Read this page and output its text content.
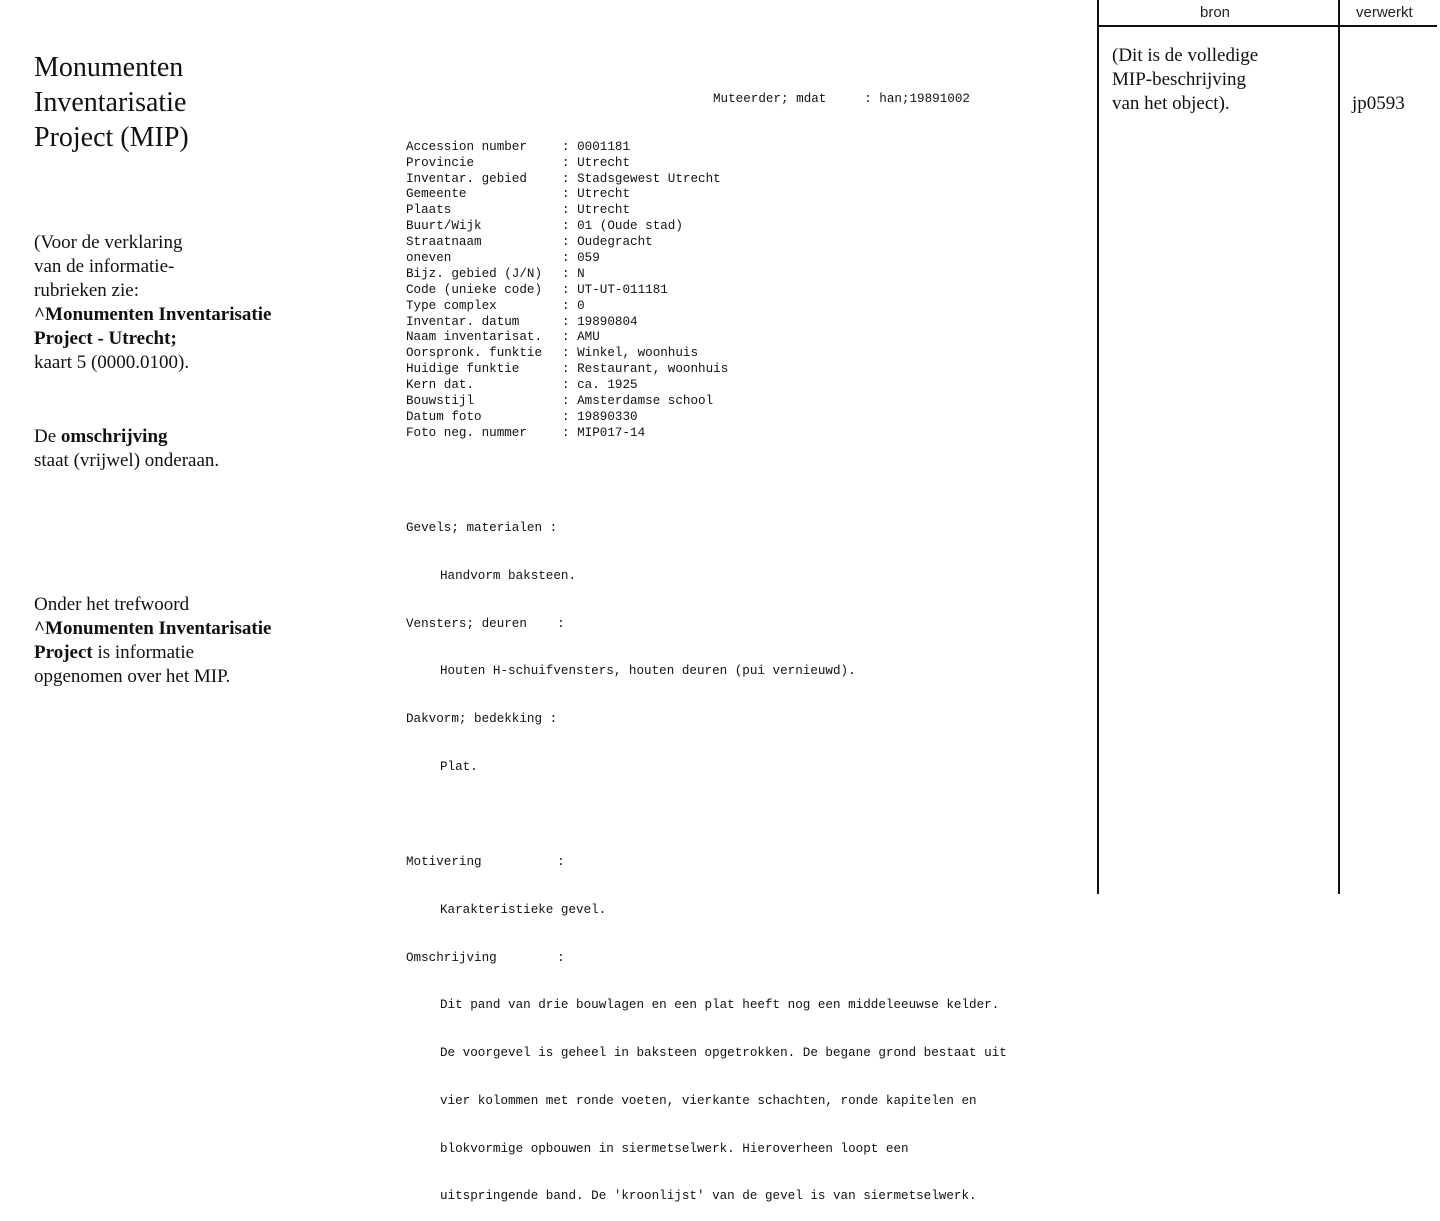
Monumenten
Inventarisatie
Project (MIP)

(Voor de verklaring
van de informatie-
rubrieken zie:
^Monumenten Inventarisatie
Project - Utrecht;
kaart 5 (0000.0100).

De omschrijving
staat (vrijwel) onderaan.

Onder het trefwoord
^Monumenten Inventarisatie
Project is informatie
opgenomen over het MIP.

Muteerder; mdat     : han;19891002

Accession number	: 0001181
Provincie	: Utrecht
Inventar. gebied	: Stadsgewest Utrecht
Gemeente	: Utrecht
Plaats	: Utrecht
Buurt/Wijk	: 01 (Oude stad)
Straatnaam	: Oudegracht
oneven	: 059
Bijz. gebied (J/N) : N
Code (unieke code) : UT-UT-011181
Type complex	: 0
Inventar. datum	: 19890804
Naam inventarisat. : AMU
Oorspronk. funktie : Winkel, woonhuis
Huidige funktie	: Restaurant, woonhuis
Kern dat.	: ca. 1925
Bouwstijl	: Amsterdamse school
Datum foto	: 19890330
Foto neg. nummer	: MIP017-14

Gevels; materialen :

Handvorm baksteen.

Vensters; deuren    :

Houten H-schuifvensters, houten deuren (pui vernieuwd).

Dakvorm; bedekking :

Plat.

Motivering          :

Karakteristieke gevel.

Omschrijving        :

Dit pand van drie bouwlagen en een plat heeft nog een middeleeuwse kelder.

De voorgevel is geheel in baksteen opgetrokken. De begane grond bestaat uit

vier kolommen met ronde voeten, vierkante schachten, ronde kapitelen en

blokvormige opbouwen in siermetselwerk. Hieroverheen loopt een

uitspringende band. De 'kroonlijst' van de gevel is van siermetselwerk.

bron	verwerkt
(Dit is de volledige
MIP-beschrijving
van het object).	jp0593
